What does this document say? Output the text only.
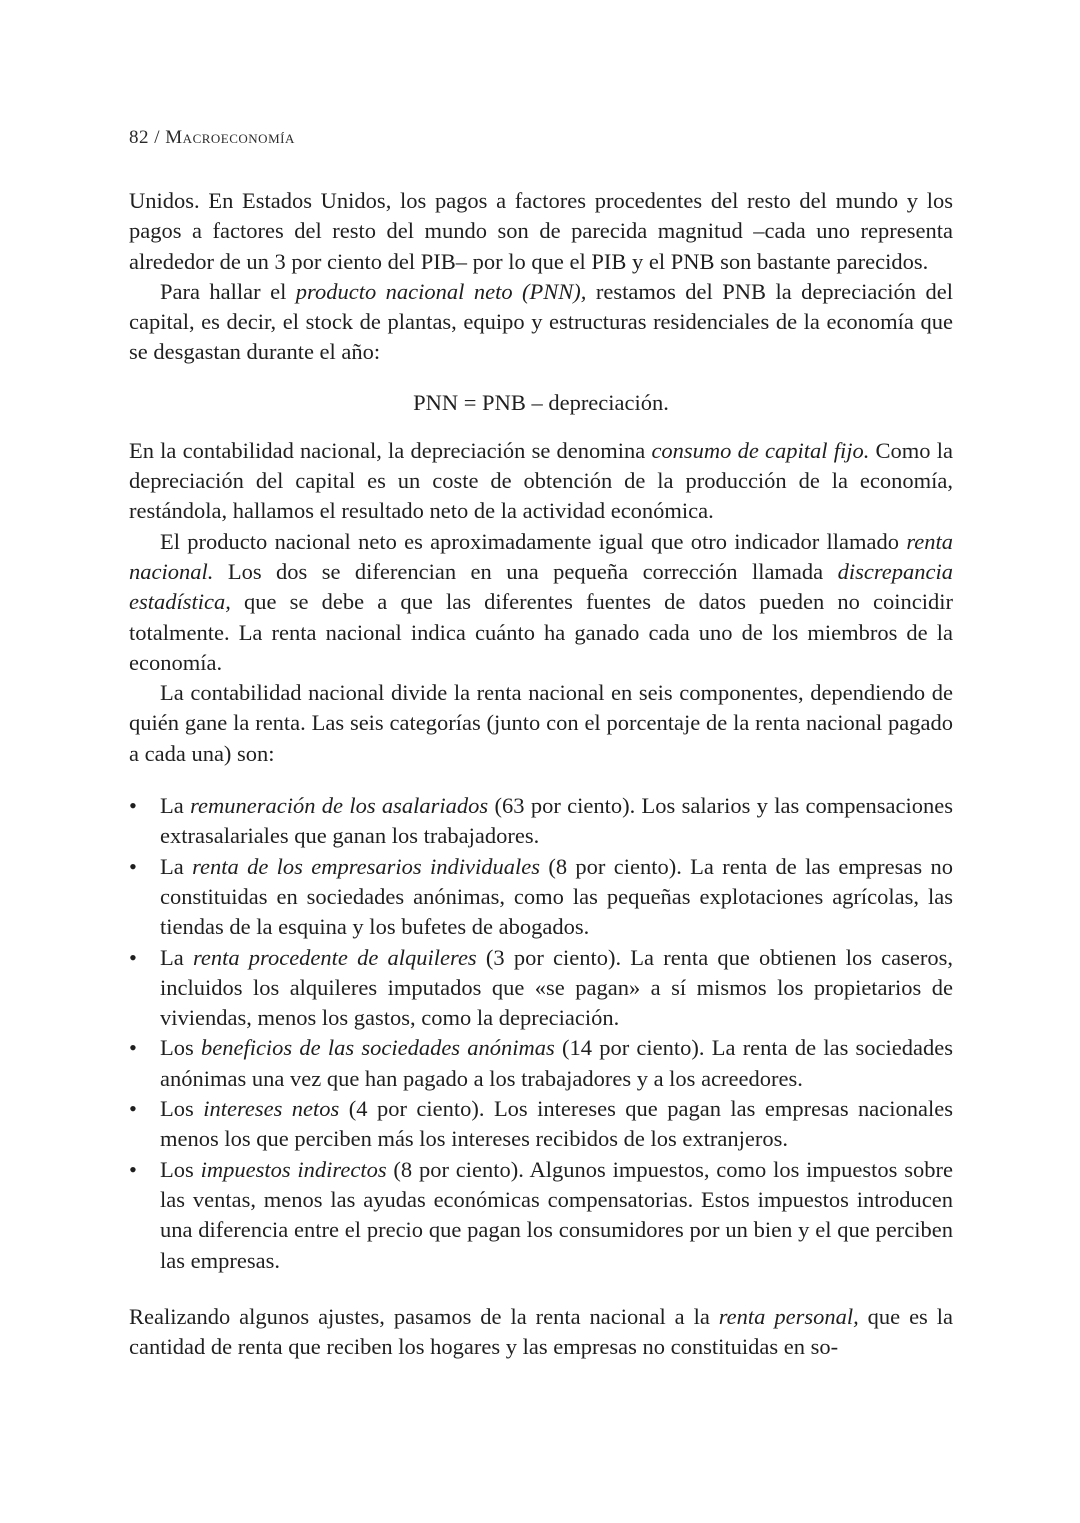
82 / Macroeconomía

Unidos. En Estados Unidos, los pagos a factores procedentes del resto del mundo y los pagos a factores del resto del mundo son de parecida magnitud –cada uno representa alrededor de un 3 por ciento del PIB– por lo que el PIB y el PNB son bastante parecidos.

Para hallar el producto nacional neto (PNN), restamos del PNB la depreciación del capital, es decir, el stock de plantas, equipo y estructuras residenciales de la economía que se desgastan durante el año:

PNN = PNB – depreciación.

En la contabilidad nacional, la depreciación se denomina consumo de capital fijo. Como la depreciación del capital es un coste de obtención de la producción de la economía, restándola, hallamos el resultado neto de la actividad económica.

El producto nacional neto es aproximadamente igual que otro indicador llamado renta nacional. Los dos se diferencian en una pequeña corrección llamada discrepancia estadística, que se debe a que las diferentes fuentes de datos pueden no coincidir totalmente. La renta nacional indica cuánto ha ganado cada uno de los miembros de la economía.

La contabilidad nacional divide la renta nacional en seis componentes, dependiendo de quién gane la renta. Las seis categorías (junto con el porcentaje de la renta nacional pagado a cada una) son:

•	La remuneración de los asalariados (63 por ciento). Los salarios y las compensaciones extrasalariales que ganan los trabajadores.
•	La renta de los empresarios individuales (8 por ciento). La renta de las empresas no constituidas en sociedades anónimas, como las pequeñas explotaciones agrícolas, las tiendas de la esquina y los bufetes de abogados.
•	La renta procedente de alquileres (3 por ciento). La renta que obtienen los caseros, incluidos los alquileres imputados que «se pagan» a sí mismos los propietarios de viviendas, menos los gastos, como la depreciación.
•	Los beneficios de las sociedades anónimas (14 por ciento). La renta de las sociedades anónimas una vez que han pagado a los trabajadores y a los acreedores.
•	Los intereses netos (4 por ciento). Los intereses que pagan las empresas nacionales menos los que perciben más los intereses recibidos de los extranjeros.
•	Los impuestos indirectos (8 por ciento). Algunos impuestos, como los impuestos sobre las ventas, menos las ayudas económicas compensatorias. Estos impuestos introducen una diferencia entre el precio que pagan los consumidores por un bien y el que perciben las empresas.

Realizando algunos ajustes, pasamos de la renta nacional a la renta personal, que es la cantidad de renta que reciben los hogares y las empresas no constituidas en so-
